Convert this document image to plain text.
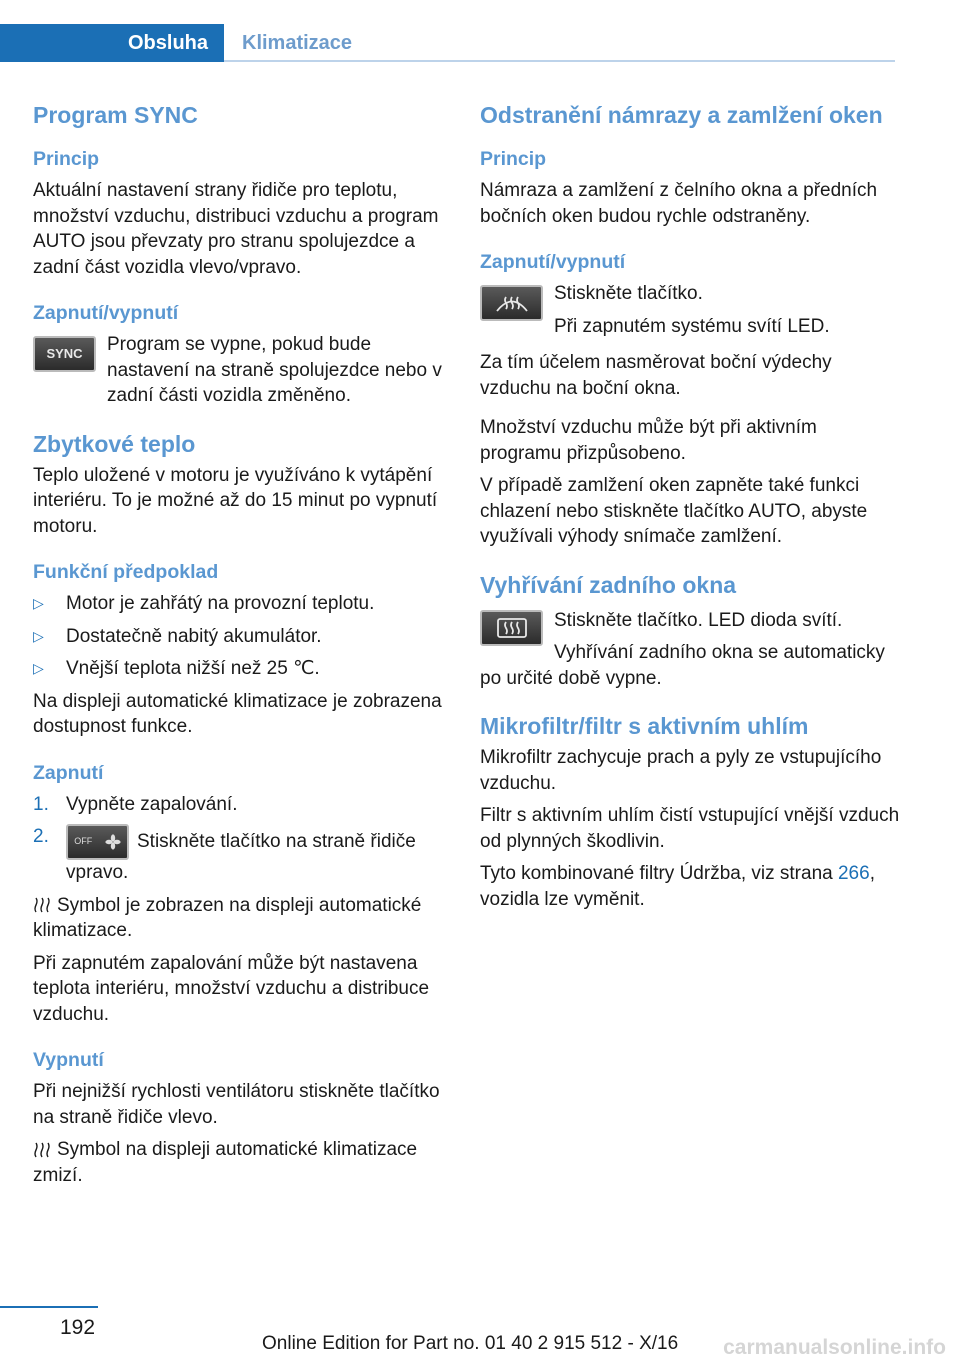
Obsluha	Klimatizace
Program SYNC
Princip

Aktuální nastavení strany řidiče pro teplotu, množství vzduchu, distribuci vzduchu a program AUTO jsou převzaty pro stranu spolujezdce a zadní část vozidla vlevo/vpravo.

Zapnutí/vypnutí
SYNC	Program se vypne, pokud bude nastavení na straně spolujezdce nebo v zadní části vozidla změněno.

Zbytkové teplo

Teplo uložené v motoru je využíváno k vytápění interiéru. To je možné až do 15 minut po vypnutí motoru.

Funkční předpoklad
▷ Motor je zahřátý na provozní teplotu.
▷ Dostatečně nabitý akumulátor.
▷ Vnější teplota nižší než 25 ℃.

Na displeji automatické klimatizace je zobrazena dostupnost funkce.

Zapnutí
1. Vypněte zapalování.
2.	OFF Stiskněte tlačítko na straně řidiče vpravo.

Symbol je zobrazen na displeji automatické klimatizace.

Při zapnutém zapalování může být nastavena teplota interiéru, množství vzduchu a distribuce vzduchu.

Vypnutí

Při nejnižší rychlosti ventilátoru stiskněte tlačítko na straně řidiče vlevo.

Symbol na displeji automatické klimatizace zmizí.

Odstranění námrazy a zamlžení oken
Princip

Námraza a zamlžení z čelního okna a předních bočních oken budou rychle odstraněny.

Zapnutí/vypnutí

Stiskněte tlačítko.

Při zapnutém systému svítí LED.

Za tím účelem nasměrovat boční výdechy vzduchu na boční okna.

Množství vzduchu může být při aktivním programu přizpůsobeno.

V případě zamlžení oken zapněte také funkci chlazení nebo stiskněte tlačítko AUTO, abyste využívali výhody snímače zamlžení.

Vyhřívání zadního okna

Stiskněte tlačítko. LED dioda svítí.

Vyhřívání zadního okna se automaticky po určité době vypne.

Mikrofiltr/filtr s aktivním uhlím

Mikrofiltr zachycuje prach a pyly ze vstupujícího vzduchu.

Filtr s aktivním uhlím čistí vstupující vnější vzduch od plynných škodlivin.

Tyto kombinované filtry Údržba, viz strana 266, vozidla lze vyměnit.

192
Online Edition for Part no. 01 40 2 915 512 - X/16 carmanualsonline.info
